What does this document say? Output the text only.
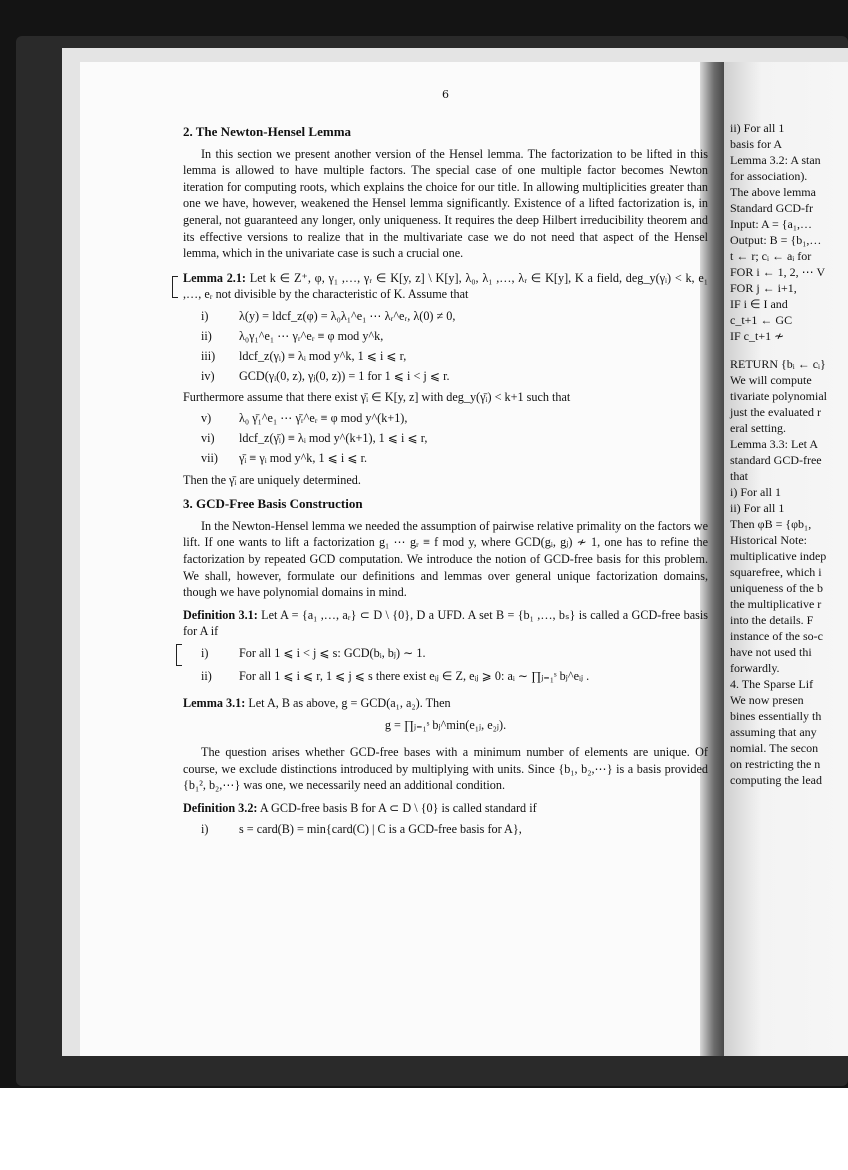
6
2. The Newton-Hensel Lemma

In this section we present another version of the Hensel lemma. The factorization to be lifted in this lemma is allowed to have multiple factors. The special case of one multiple factor becomes Newton iteration for computing roots, which explains the choice for our title. In allowing multiplicities greater than one we have, however, weakened the Hensel lemma significantly. Existence of a lifted factorization is, in general, not guaranteed any longer, only uniqueness. It requires the deep Hilbert irreducibility theorem and its effective versions to realize that in the multivariate case we do not need that aspect of the Hensel lemma, which in the univariate case is such a crucial one.

Lemma 2.1: Let k ∈ Z⁺, φ, γ₁ ,…, γᵣ ∈ K[y, z] \ K[y], λ₀, λ₁ ,…, λᵣ ∈ K[y], K a field, deg_y(γᵢ) < k, e₁ ,…, eᵣ not divisible by the characteristic of K. Assume that

i)	λ(y) = ldcf_z(φ) = λ₀λ₁^e₁ ⋯ λᵣ^eᵣ, λ(0) ≠ 0,
ii)	λ₀γ₁^e₁ ⋯ γᵣ^eᵣ ≡ φ mod y^k,
iii)	ldcf_z(γᵢ) ≡ λᵢ mod y^k, 1 ⩽ i ⩽ r,
iv)	GCD(γᵢ(0, z), γⱼ(0, z)) = 1 for 1 ⩽ i < j ⩽ r.

Furthermore assume that there exist γ̄ᵢ ∈ K[y, z] with deg_y(γ̄ᵢ) < k+1 such that

v)	λ₀ γ̄₁^e₁ ⋯ γ̄ᵣ^eᵣ ≡ φ mod y^(k+1),
vi)	ldcf_z(γ̄ᵢ) ≡ λᵢ mod y^(k+1), 1 ⩽ i ⩽ r,
vii)	γ̄ᵢ ≡ γᵢ mod y^k, 1 ⩽ i ⩽ r.

Then the γ̄ᵢ are uniquely determined.

3. GCD-Free Basis Construction

In the Newton-Hensel lemma we needed the assumption of pairwise relative primality on the factors we lift. If one wants to lift a factorization g₁ ⋯ gᵣ ≡ f mod y, where GCD(gᵢ, gⱼ) ≁ 1, one has to refine the factorization by repeated GCD computation. We introduce the notion of GCD-free basis for this problem. We shall, however, formulate our definitions and lemmas over general unique factorization domains, though we have polynomial domains in mind.

Definition 3.1: Let A = {a₁ ,…, aᵣ} ⊂ D \ {0}, D a UFD. A set B = {b₁ ,…, bₛ} is called a GCD-free basis for A if

i)	For all 1 ⩽ i < j ⩽ s: GCD(bᵢ, bⱼ) ∼ 1.
ii)	For all 1 ⩽ i ⩽ r, 1 ⩽ j ⩽ s there exist eᵢⱼ ∈ Z, eᵢⱼ ⩾ 0: aᵢ ∼ ∏ⱼ₌₁ˢ bⱼ^eᵢⱼ .

Lemma 3.1: Let A, B as above, g = GCD(a₁, a₂). Then

g = ∏ⱼ₌₁ˢ bⱼ^min(e₁ⱼ, e₂ⱼ).

The question arises whether GCD-free bases with a minimum number of elements are unique. Of course, we exclude distinctions introduced by multiplying with units. Since {b₁, b₂,⋯} is a basis provided {b₁², b₂,⋯} was one, we necessarily need an additional condition.

Definition 3.2: A GCD-free basis B for A ⊂ D \ {0} is called standard if

i)	s = card(B) = min{card(C) | C is a GCD-free basis for A},
ii) For all 1
basis for A
Lemma 3.2: A stan
for association).
The above lemma
Standard GCD-fr
Input: A = {a₁,…
Output: B = {b₁,…
t ← r; cᵢ ← aᵢ for
FOR i ← 1, 2, ⋯ V
FOR j ← i+1,
IF i ∈ I and
c_t+1 ← GC
IF c_t+1 ≁
RETURN {bᵢ ← cᵢ}
We will compute
tivariate polynomial
just the evaluated r
eral setting.
Lemma 3.3: Let A
standard GCD-free
that
i) For all 1
ii) For all 1
Then φB = {φb₁,
Historical Note:
multiplicative indep
squarefree, which i
uniqueness of the b
the multiplicative r
into the details. F
instance of the so-c
have not used thi
forwardly.
4. The Sparse Lif
We now presen
bines essentially th
assuming that any
nomial. The secon
on restricting the n
computing the lead
